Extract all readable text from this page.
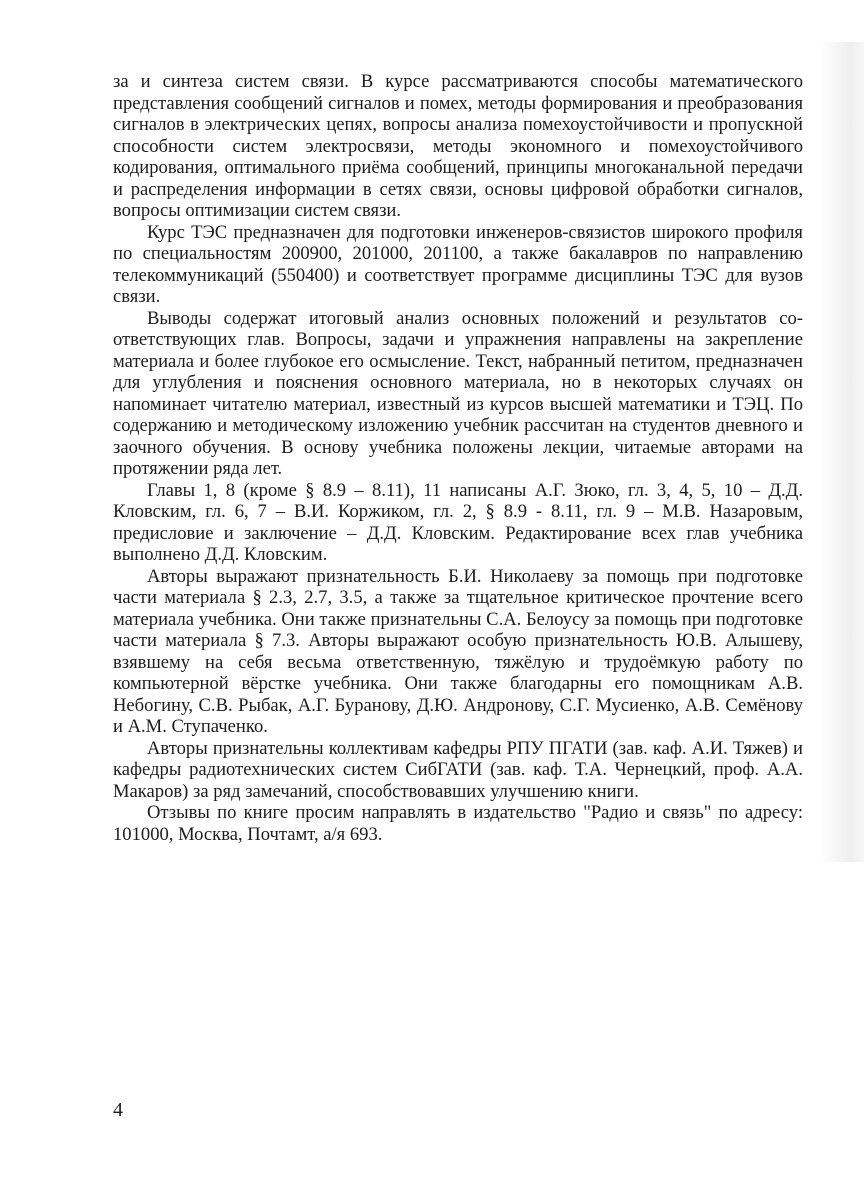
за и синтеза систем связи. В курсе рассматриваются способы математического представления сообщений сигналов и помех, методы формирования и преобразования сигналов в электрических цепях, вопросы анализа помехоустойчивости и пропускной способности систем электросвязи, методы экономного и помехоустойчивого кодирования, оптимального приёма сообщений, принципы многоканальной передачи и распределения информации в сетях связи, основы цифровой обработки сигналов, вопросы оптимизации систем связи.

Курс ТЭС предназначен для подготовки инженеров-связистов широкого профиля по специальностям 200900, 201000, 201100, а также бакалавров по направлению телекоммуникаций (550400) и соответствует программе дисциплины ТЭС для вузов связи.

Выводы содержат итоговый анализ основных положений и результатов соответствующих глав. Вопросы, задачи и упражнения направлены на закрепление материала и более глубокое его осмысление. Текст, набранный петитом, предназначен для углубления и пояснения основного материала, но в некоторых случаях он напоминает читателю материал, известный из курсов высшей математики и ТЭЦ. По содержанию и методическому изложению учебник рассчитан на студентов дневного и заочного обучения. В основу учебника положены лекции, читаемые авторами на протяжении ряда лет.

Главы 1, 8 (кроме § 8.9 – 8.11), 11 написаны А.Г. Зюко, гл. 3, 4, 5, 10 – Д.Д. Кловским, гл. 6, 7 – В.И. Коржиком, гл. 2, § 8.9 - 8.11, гл. 9 – М.В. Назаровым, предисловие и заключение – Д.Д. Кловским. Редактирование всех глав учебника выполнено Д.Д. Кловским.

Авторы выражают признательность Б.И. Николаеву за помощь при подготовке части материала § 2.3, 2.7, 3.5, а также за тщательное критическое прочтение всего материала учебника. Они также признательны С.А. Белоусу за помощь при подготовке части материала § 7.3. Авторы выражают особую признательность Ю.В. Алышеву, взявшему на себя весьма ответственную, тяжёлую и трудоёмкую работу по компьютерной вёрстке учебника. Они также благодарны его помощникам А.В. Небогину, С.В. Рыбак, А.Г. Буранову, Д.Ю. Андронову, С.Г. Мусиенко, А.В. Семёнову и А.М. Ступаченко.

Авторы признательны коллективам кафедры РПУ ПГАТИ (зав. каф. А.И. Тяжев) и кафедры радиотехнических систем СибГАТИ (зав. каф. Т.А. Чернецкий, проф. А.А. Макаров) за ряд замечаний, способствовавших улучшению книги.

Отзывы по книге просим направлять в издательство "Радио и связь" по адресу: 101000, Москва, Почтамт, а/я 693.

4
